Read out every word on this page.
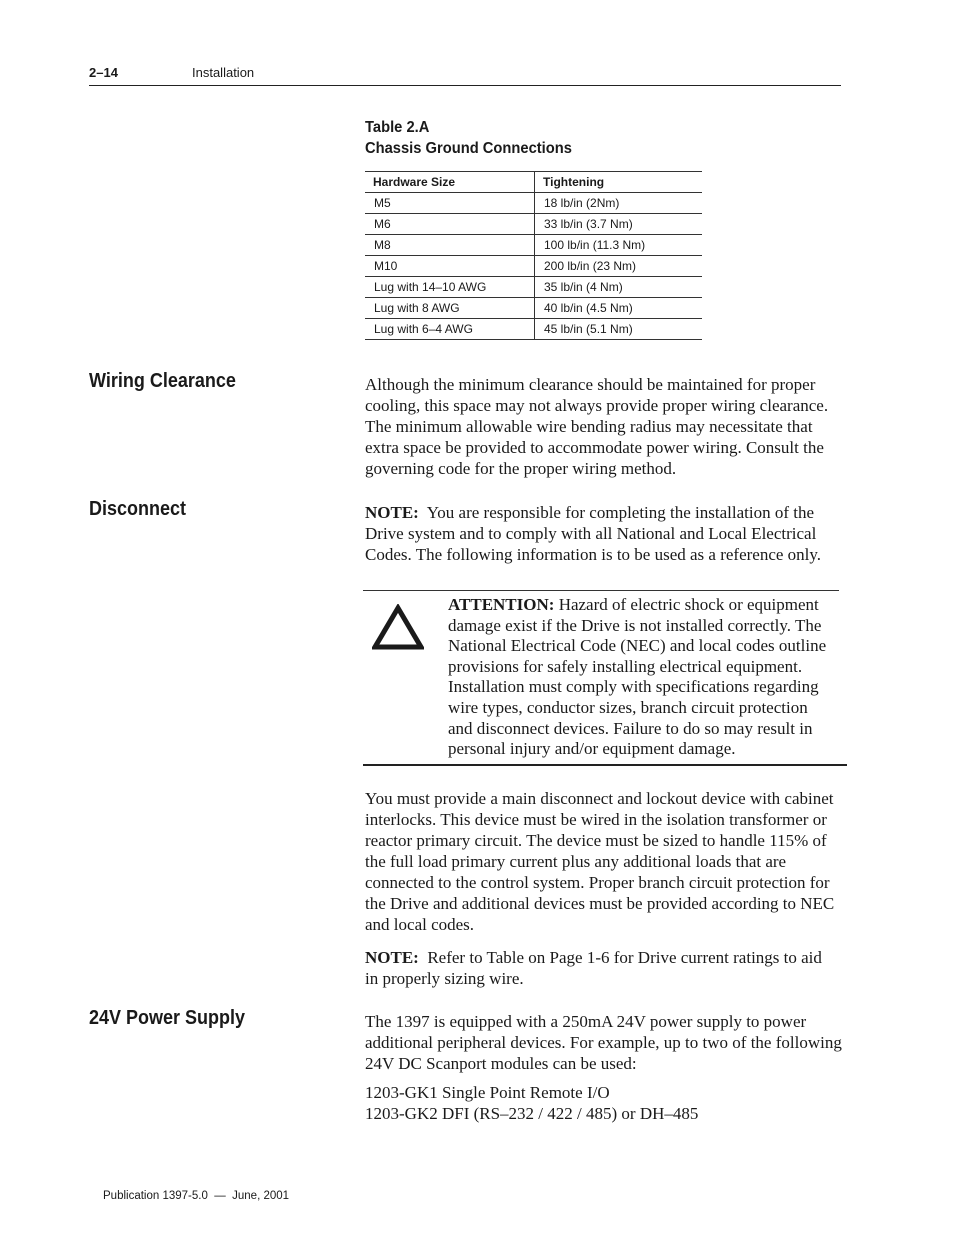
2–14	Installation
Table 2.A
Chassis Ground Connections
Hardware Size	Tightening
M5	18 lb/in (2Nm)
M6	33 lb/in (3.7 Nm)
M8	100 lb/in (11.3 Nm)
M10	200 lb/in (23 Nm)
Lug with 14–10 AWG	35 lb/in (4 Nm)
Lug with 8 AWG	40 lb/in (4.5 Nm)
Lug with 6–4 AWG	45 lb/in (5.1 Nm)
Wiring Clearance	Although the minimum clearance should be maintained for proper
cooling, this space may not always provide proper wiring clearance.
The minimum allowable wire bending radius may necessitate that
extra space be provided to accommodate power wiring. Consult the
governing code for the proper wiring method.
Disconnect	NOTE: You are responsible for completing the installation of the
Drive system and to comply with all National and Local Electrical
Codes. The following information is to be used as a reference only.
ATTENTION: Hazard of electric shock or equipment
damage exist if the Drive is not installed correctly. The
National Electrical Code (NEC) and local codes outline
provisions for safely installing electrical equipment.
Installation must comply with specifications regarding
wire types, conductor sizes, branch circuit protection
and disconnect devices. Failure to do so may result in
personal injury and/or equipment damage.
You must provide a main disconnect and lockout device with cabinet
interlocks. This device must be wired in the isolation transformer or
reactor primary circuit. The device must be sized to handle 115% of
the full load primary current plus any additional loads that are
connected to the control system. Proper branch circuit protection for
the Drive and additional devices must be provided according to NEC
and local codes.
NOTE: Refer to Table on Page 1-6 for Drive current ratings to aid
in properly sizing wire.
24V Power Supply	The 1397 is equipped with a 250mA 24V power supply to power
additional peripheral devices. For example, up to two of the following
24V DC Scanport modules can be used:
1203-GK1 Single Point Remote I/O
1203-GK2 DFI (RS–232 / 422 / 485) or DH–485
Publication 1397-5.0 — June, 2001
